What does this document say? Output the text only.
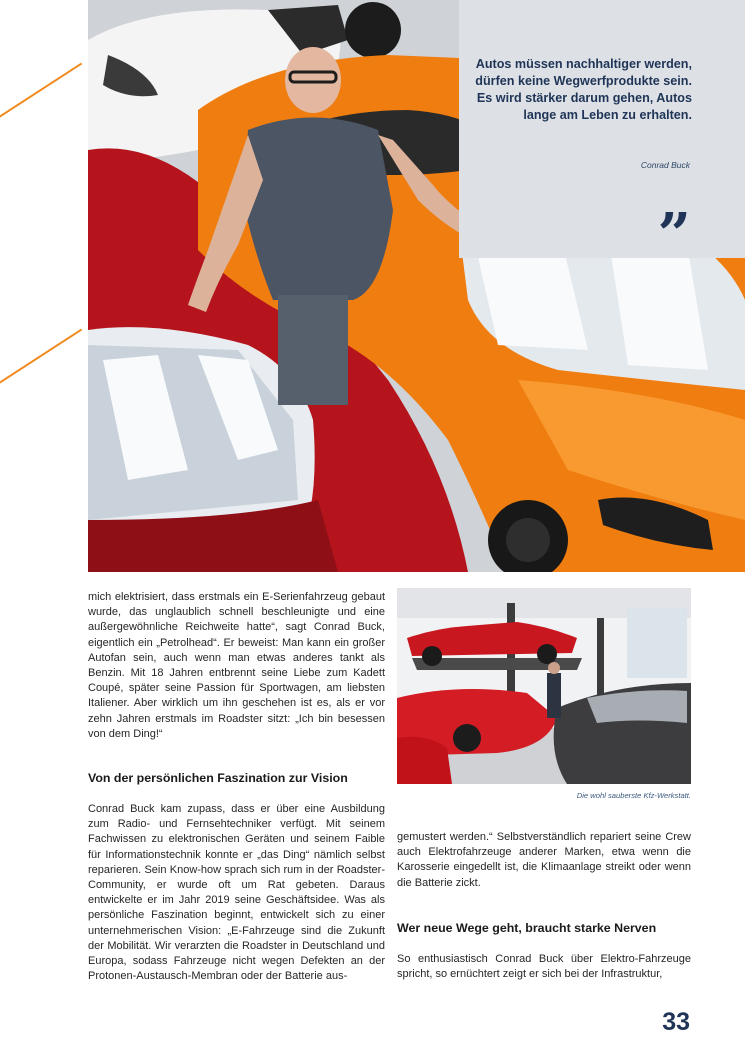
Autos müssen nachhaltiger werden, dürfen keine Wegwerfprodukte sein. Es wird stärker darum gehen, Autos lange am Leben zu erhalten.
Conrad Buck
„

mich elektrisiert, dass erstmals ein E-Serienfahrzeug gebaut wurde, das unglaublich schnell beschleunigte und eine außergewöhnliche Reichweite hatte“, sagt Conrad Buck, eigentlich ein „Petrolhead“. Er beweist: Man kann ein großer Autofan sein, auch wenn man etwas anderes tankt als Benzin. Mit 18 Jahren entbrennt seine Liebe zum Kadett Coupé, später seine Passion für Sportwagen, am liebsten Italiener. Aber wirklich um ihn geschehen ist es, als er vor zehn Jahren erstmals im Roadster sitzt: „Ich bin besessen von dem Ding!“

Von der persönlichen Faszination zur Vision

Conrad Buck kam zupass, dass er über eine Ausbildung zum Radio- und Fernsehtechniker verfügt. Mit seinem Fachwissen zu elektronischen Geräten und seinem Faible für Informationstechnik konnte er „das Ding“ nämlich selbst reparieren. Sein Know-how sprach sich rum in der Roadster-Community, er wurde oft um Rat gebeten. Daraus entwickelte er im Jahr 2019 seine Geschäftsidee. Was als persönliche Faszination beginnt, entwickelt sich zu einer unternehmerischen Vision: „E-Fahrzeuge sind die Zukunft der Mobilität. Wir verarzten die Roadster in Deutschland und Europa, sodass Fahrzeuge nicht wegen Defekten an der Protonen-Austausch-Membran oder der Batterie aus-

Die wohl sauberste Kfz-Werkstatt.

gemustert werden.“ Selbstverständlich repariert seine Crew auch Elektrofahrzeuge anderer Marken, etwa wenn die Karosserie eingedellt ist, die Klimaanlage streikt oder wenn die Batterie zickt.

Wer neue Wege geht, braucht starke Nerven

So enthusiastisch Conrad Buck über Elektro-Fahrzeuge spricht, so ernüchtert zeigt er sich bei der Infrastruktur,

33
